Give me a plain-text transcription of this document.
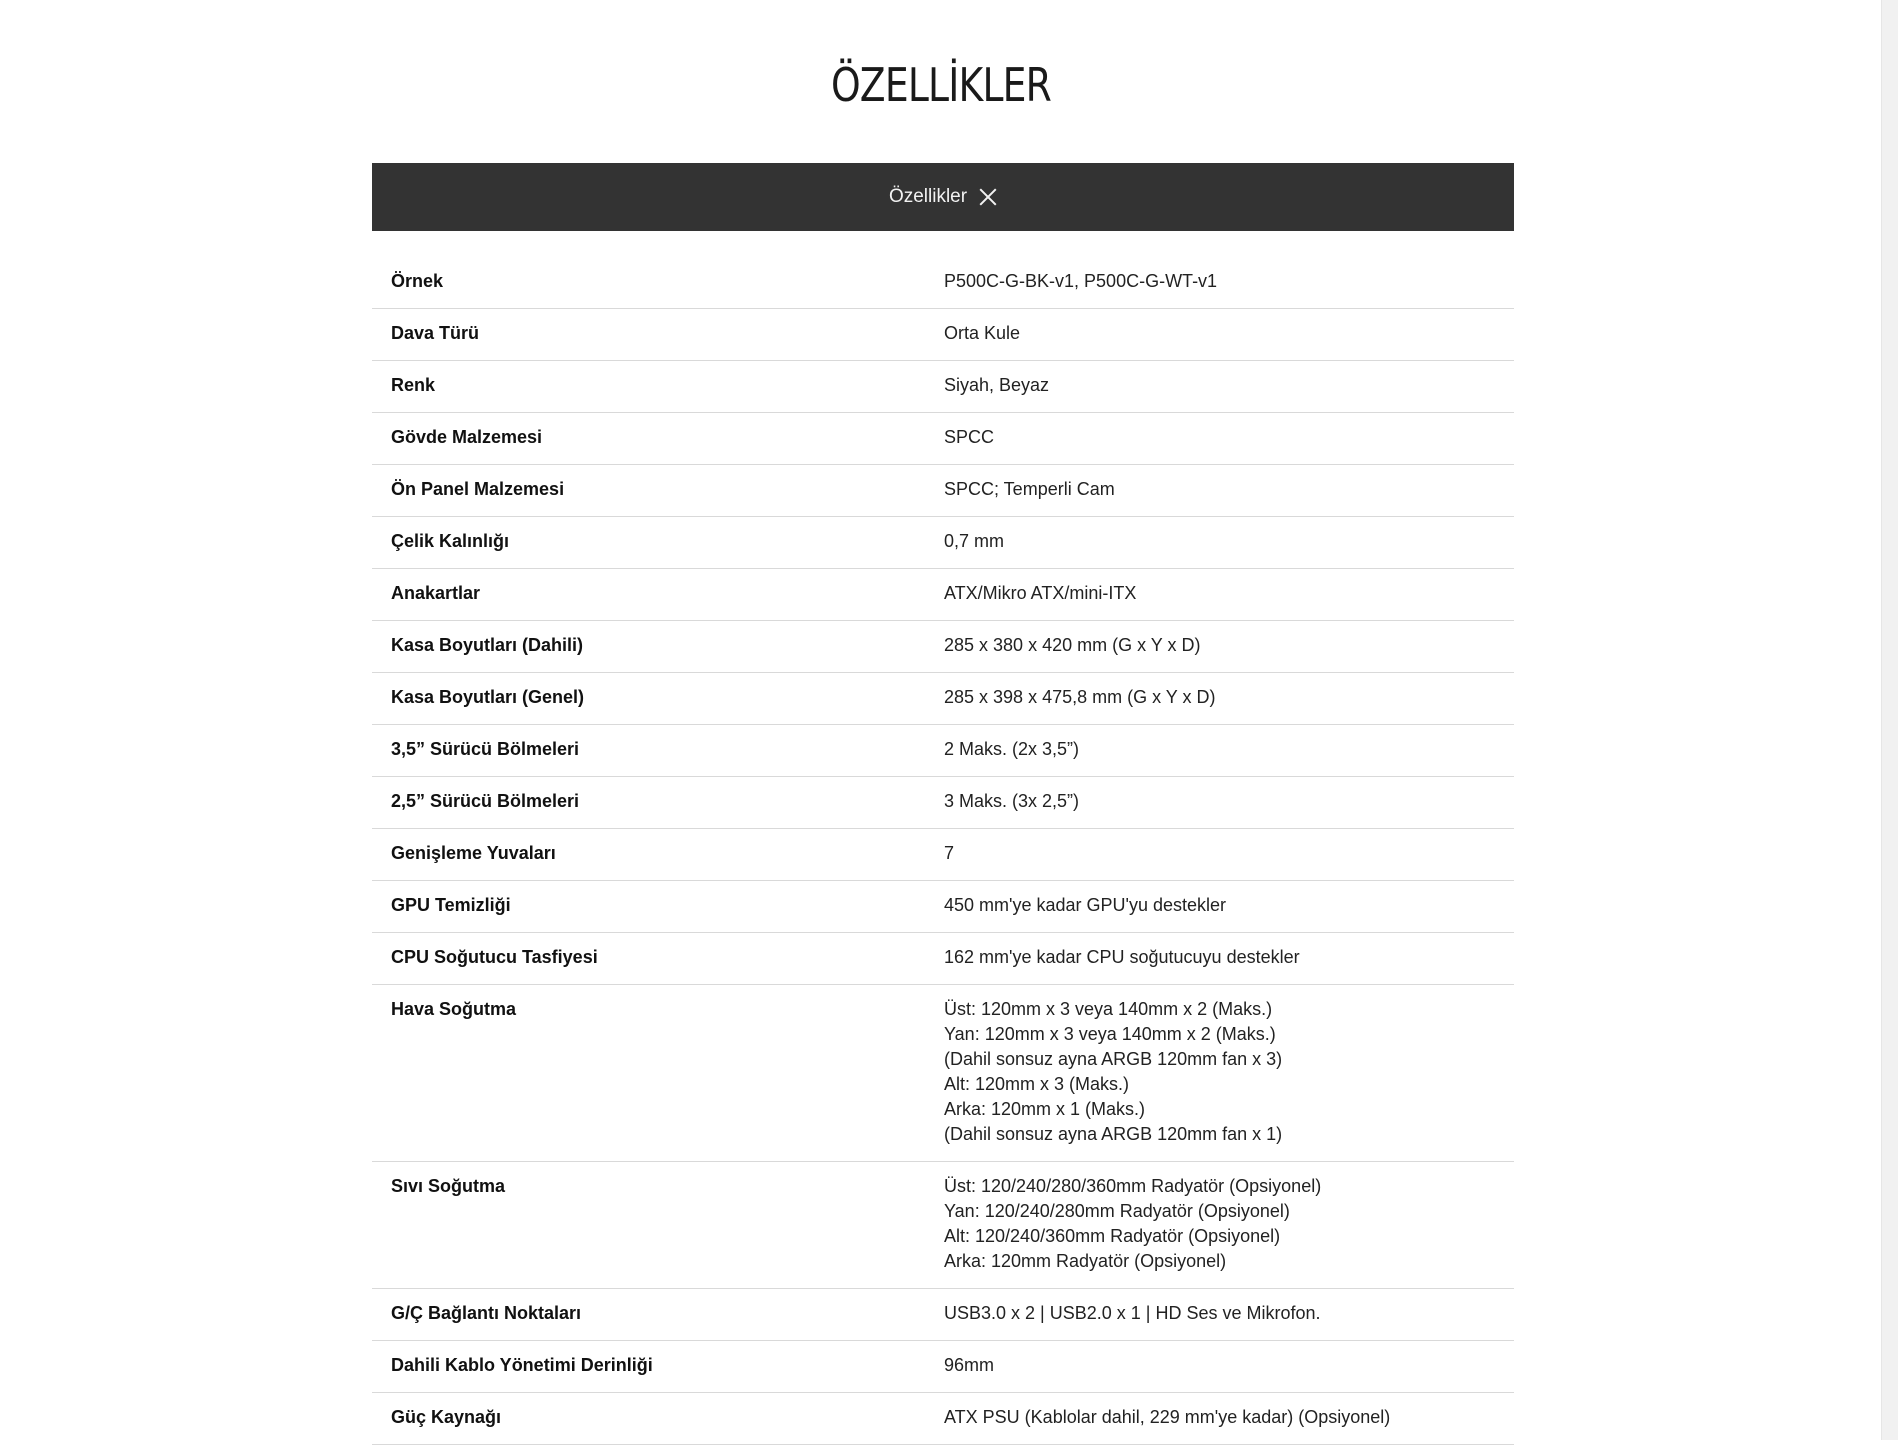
ÖZELLİKLER
Özellikler
Örnek	P500C-G-BK-v1, P500C-G-WT-v1
Dava Türü	Orta Kule
Renk	Siyah, Beyaz
Gövde Malzemesi	SPCC
Ön Panel Malzemesi	SPCC; Temperli Cam
Çelik Kalınlığı	0,7 mm
Anakartlar	ATX/Mikro ATX/mini-ITX
Kasa Boyutları (Dahili)	285 x 380 x 420 mm (G x Y x D)
Kasa Boyutları (Genel)	285 x 398 x 475,8 mm (G x Y x D)
3,5” Sürücü Bölmeleri	2 Maks. (2x 3,5”)
2,5” Sürücü Bölmeleri	3 Maks. (3x 2,5”)
Genişleme Yuvaları	7
GPU Temizliği	450 mm'ye kadar GPU'yu destekler
CPU Soğutucu Tasfiyesi	162 mm'ye kadar CPU soğutucuyu destekler
Hava Soğutma	Üst: 120mm x 3 veya 140mm x 2 (Maks.)
Yan: 120mm x 3 veya 140mm x 2 (Maks.)
(Dahil sonsuz ayna ARGB 120mm fan x 3)
Alt: 120mm x 3 (Maks.)
Arka: 120mm x 1 (Maks.)
(Dahil sonsuz ayna ARGB 120mm fan x 1)
Sıvı Soğutma	Üst: 120/240/280/360mm Radyatör (Opsiyonel)
Yan: 120/240/280mm Radyatör (Opsiyonel)
Alt: 120/240/360mm Radyatör (Opsiyonel)
Arka: 120mm Radyatör (Opsiyonel)
G/Ç Bağlantı Noktaları	USB3.0 x 2 | USB2.0 x 1 | HD Ses ve Mikrofon.
Dahili Kablo Yönetimi Derinliği	96mm
Güç Kaynağı	ATX PSU (Kablolar dahil, 229 mm'ye kadar) (Opsiyonel)
